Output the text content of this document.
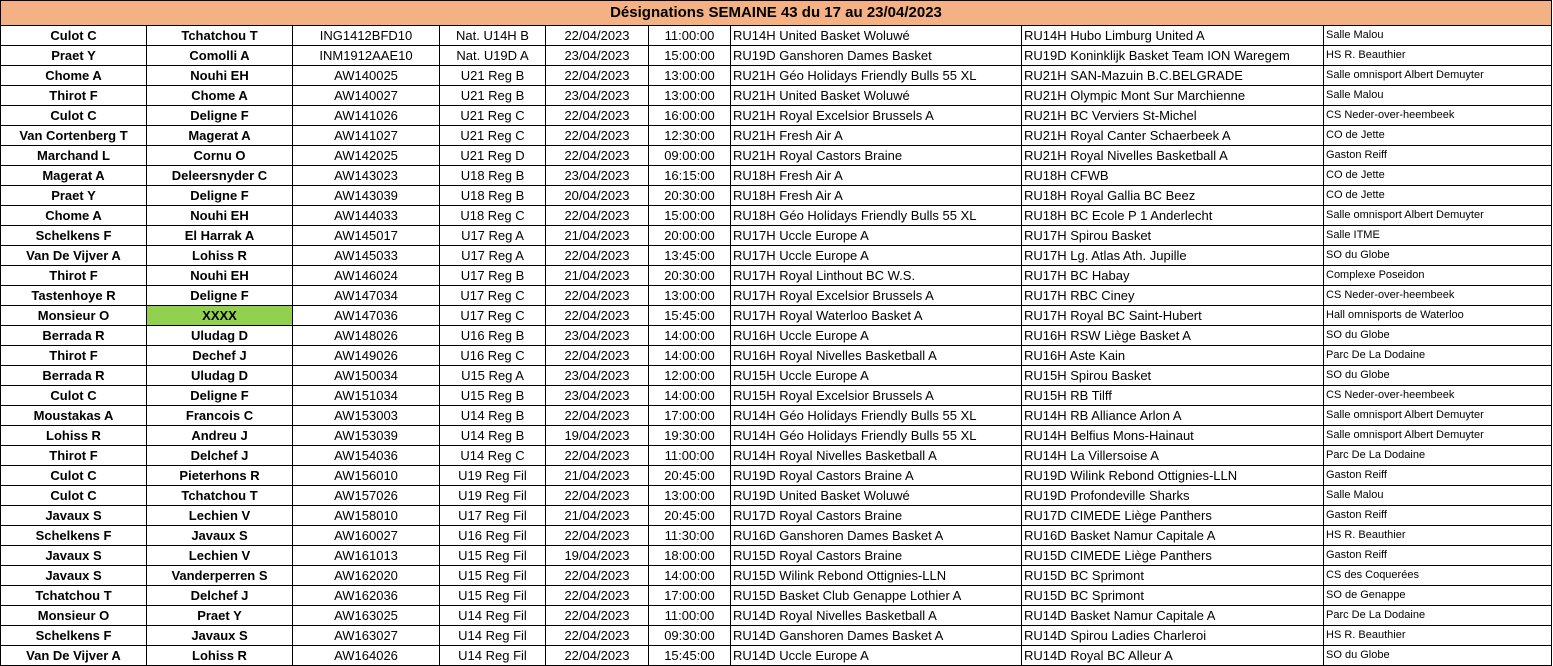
Désignations SEMAINE 43 du 17 au 23/04/2023								
Culot C	Tchatchou T	ING1412BFD10	Nat. U14H B	22/04/2023	11:00:00	RU14H United Basket Woluwé	RU14H Hubo Limburg United A	Salle Malou
Praet Y	Comolli A	INM1912AAE10	Nat. U19D A	23/04/2023	15:00:00	RU19D Ganshoren Dames Basket	RU19D Koninklijk Basket Team ION Waregem	HS R. Beauthier
Chome A	Nouhi EH	AW140025	U21 Reg B	22/04/2023	13:00:00	RU21H Géo Holidays Friendly Bulls 55 XL	RU21H SAN-Mazuin B.C.BELGRADE	Salle omnisport Albert Demuyter
Thirot F	Chome A	AW140027	U21 Reg B	23/04/2023	13:00:00	RU21H United Basket Woluwé	RU21H Olympic Mont Sur Marchienne	Salle Malou
Culot C	Deligne F	AW141026	U21 Reg C	22/04/2023	16:00:00	RU21H Royal Excelsior Brussels A	RU21H BC Verviers St-Michel	CS Neder-over-heembeek
Van Cortenberg T	Magerat A	AW141027	U21 Reg C	22/04/2023	12:30:00	RU21H Fresh Air A	RU21H Royal Canter Schaerbeek A	CO de Jette
Marchand L	Cornu O	AW142025	U21 Reg D	22/04/2023	09:00:00	RU21H Royal Castors Braine	RU21H Royal Nivelles Basketball A	Gaston Reiff
Magerat A	Deleersnyder C	AW143023	U18 Reg B	23/04/2023	16:15:00	RU18H Fresh Air A	RU18H CFWB	CO de Jette
Praet Y	Deligne F	AW143039	U18 Reg B	20/04/2023	20:30:00	RU18H Fresh Air A	RU18H Royal Gallia BC Beez	CO de Jette
Chome A	Nouhi EH	AW144033	U18 Reg C	22/04/2023	15:00:00	RU18H Géo Holidays Friendly Bulls 55 XL	RU18H BC Ecole P 1 Anderlecht	Salle omnisport Albert Demuyter
Schelkens F	El Harrak A	AW145017	U17 Reg A	21/04/2023	20:00:00	RU17H Uccle Europe A	RU17H Spirou Basket	Salle ITME
Van De Vijver A	Lohiss R	AW145033	U17 Reg A	22/04/2023	13:45:00	RU17H Uccle Europe A	RU17H Lg. Atlas Ath. Jupille	SO du Globe
Thirot F	Nouhi EH	AW146024	U17 Reg B	21/04/2023	20:30:00	RU17H Royal Linthout BC W.S.	RU17H BC Habay	Complexe Poseidon
Tastenhoye R	Deligne F	AW147034	U17 Reg C	22/04/2023	13:00:00	RU17H Royal Excelsior Brussels A	RU17H RBC Ciney	CS Neder-over-heembeek
Monsieur O	XXXX	AW147036	U17 Reg C	22/04/2023	15:45:00	RU17H Royal Waterloo Basket A	RU17H Royal BC Saint-Hubert	Hall omnisports de Waterloo
Berrada R	Uludag D	AW148026	U16 Reg B	23/04/2023	14:00:00	RU16H Uccle Europe A	RU16H RSW Liège Basket A	SO du Globe
Thirot F	Dechef J	AW149026	U16 Reg C	22/04/2023	14:00:00	RU16H Royal Nivelles Basketball A	RU16H Aste Kain	Parc De La Dodaine
Berrada R	Uludag D	AW150034	U15 Reg A	23/04/2023	12:00:00	RU15H Uccle Europe A	RU15H Spirou Basket	SO du Globe
Culot C	Deligne F	AW151034	U15 Reg B	23/04/2023	14:00:00	RU15H Royal Excelsior Brussels A	RU15H RB Tilff	CS Neder-over-heembeek
Moustakas A	Francois C	AW153003	U14 Reg B	22/04/2023	17:00:00	RU14H Géo Holidays Friendly Bulls 55 XL	RU14H RB Alliance Arlon A	Salle omnisport Albert Demuyter
Lohiss R	Andreu J	AW153039	U14 Reg B	19/04/2023	19:30:00	RU14H Géo Holidays Friendly Bulls 55 XL	RU14H Belfius Mons-Hainaut	Salle omnisport Albert Demuyter
Thirot F	Delchef J	AW154036	U14 Reg C	22/04/2023	11:00:00	RU14H Royal Nivelles Basketball A	RU14H La Villersoise A	Parc De La Dodaine
Culot C	Pieterhons R	AW156010	U19 Reg Fil	21/04/2023	20:45:00	RU19D Royal Castors Braine A	RU19D Wilink Rebond Ottignies-LLN	Gaston Reiff
Culot C	Tchatchou T	AW157026	U19 Reg Fil	22/04/2023	13:00:00	RU19D United Basket Woluwé	RU19D Profondeville Sharks	Salle Malou
Javaux S	Lechien V	AW158010	U17 Reg Fil	21/04/2023	20:45:00	RU17D Royal Castors Braine	RU17D CIMEDE Liège Panthers	Gaston Reiff
Schelkens F	Javaux S	AW160027	U16 Reg Fil	22/04/2023	11:30:00	RU16D Ganshoren Dames Basket A	RU16D Basket Namur Capitale A	HS R. Beauthier
Javaux S	Lechien V	AW161013	U15 Reg Fil	19/04/2023	18:00:00	RU15D Royal Castors Braine	RU15D CIMEDE Liège Panthers	Gaston Reiff
Javaux S	Vanderperren S	AW162020	U15 Reg Fil	22/04/2023	14:00:00	RU15D Wilink Rebond Ottignies-LLN	RU15D BC Sprimont	CS des Coquerées
Tchatchou T	Delchef J	AW162036	U15 Reg Fil	22/04/2023	17:00:00	RU15D Basket Club Genappe Lothier A	RU15D BC Sprimont	SO de Genappe
Monsieur O	Praet Y	AW163025	U14 Reg Fil	22/04/2023	11:00:00	RU14D Royal Nivelles Basketball A	RU14D Basket Namur Capitale A	Parc De La Dodaine
Schelkens F	Javaux S	AW163027	U14 Reg Fil	22/04/2023	09:30:00	RU14D Ganshoren Dames Basket A	RU14D Spirou Ladies Charleroi	HS R. Beauthier
Van De Vijver A	Lohiss R	AW164026	U14 Reg Fil	22/04/2023	15:45:00	RU14D Uccle Europe A	RU14D Royal BC Alleur A	SO du Globe
